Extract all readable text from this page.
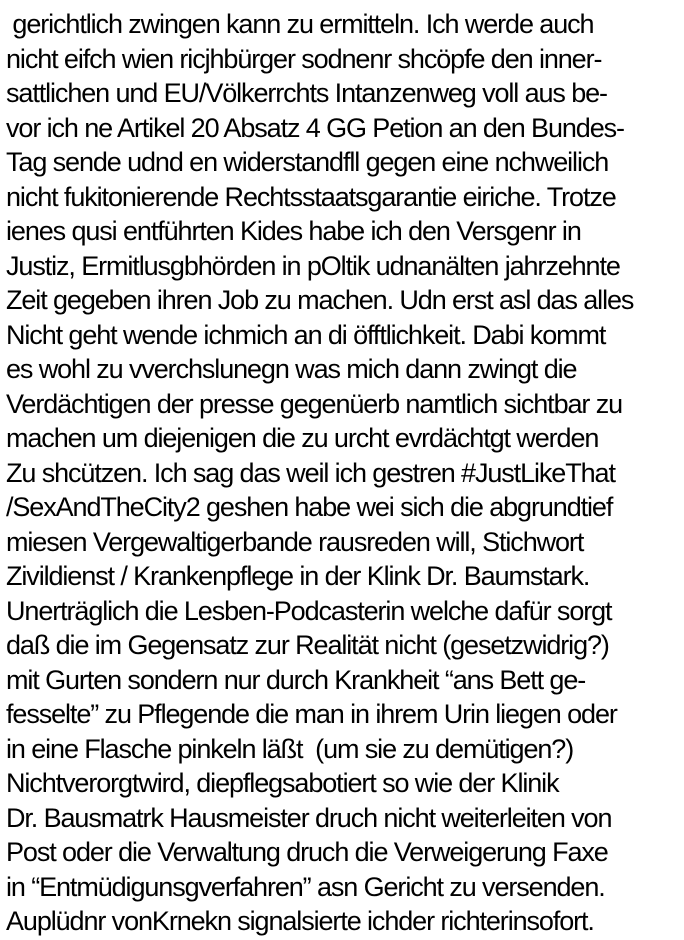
gerichtlich zwingen kann zu ermitteln. Ich werde auch
nicht eifch wien ricjhbürger sodnenr shcöpfe den inner-
sattlichen und EU/Völkerrchts Intanzenweg voll aus be-
vor ich ne Artikel 20 Absatz 4 GG Petion an den Bundes-
Tag sende udnd en widerstandfll gegen eine nchweilich
nicht fukitonierende Rechtsstaatsgarantie eiriche. Trotze
ienes qusi entführten Kides habe ich den Versgenr in
Justiz, Ermitlusgbhörden in pOltik udnanälten jahrzehnte
Zeit gegeben ihren Job zu machen. Udn erst asl das alles
Nicht geht wende ichmich an di öfftlichkeit. Dabi kommt
es wohl zu vverchslunegn was mich dann zwingt die
Verdächtigen der presse gegenüerb namtlich sichtbar zu
machen um diejenigen die zu urcht evrdächtgt werden
Zu shcützen. Ich sag das weil ich gestren #JustLikeThat
/SexAndTheCity2 geshen habe wei sich die abgrundtief
miesen Vergewaltigerbande rausreden will, Stichwort
Zivildienst / Krankenpflege in der Klink Dr. Baumstark.
Unerträglich die Lesben-Podcasterin welche dafür sorgt
daß die im Gegensatz zur Realität nicht (gesetzwidrig?)
mit Gurten sondern nur durch Krankheit “ans Bett ge-
fesselte” zu Pflegende die man in ihrem Urin liegen oder
in eine Flasche pinkeln läßt  (um sie zu demütigen?)
Nichtverorgtwird, diepflegsabotiert so wie der Klinik
Dr. Bausmatrk Hausmeister druch nicht weiterleiten von
Post oder die Verwaltung druch die Verweigerung Faxe
in “Entmüdigunsgverfahren” asn Gericht zu versenden.
Auplüdnr vonKrnekn signalsierte ichder richterinsofort.
